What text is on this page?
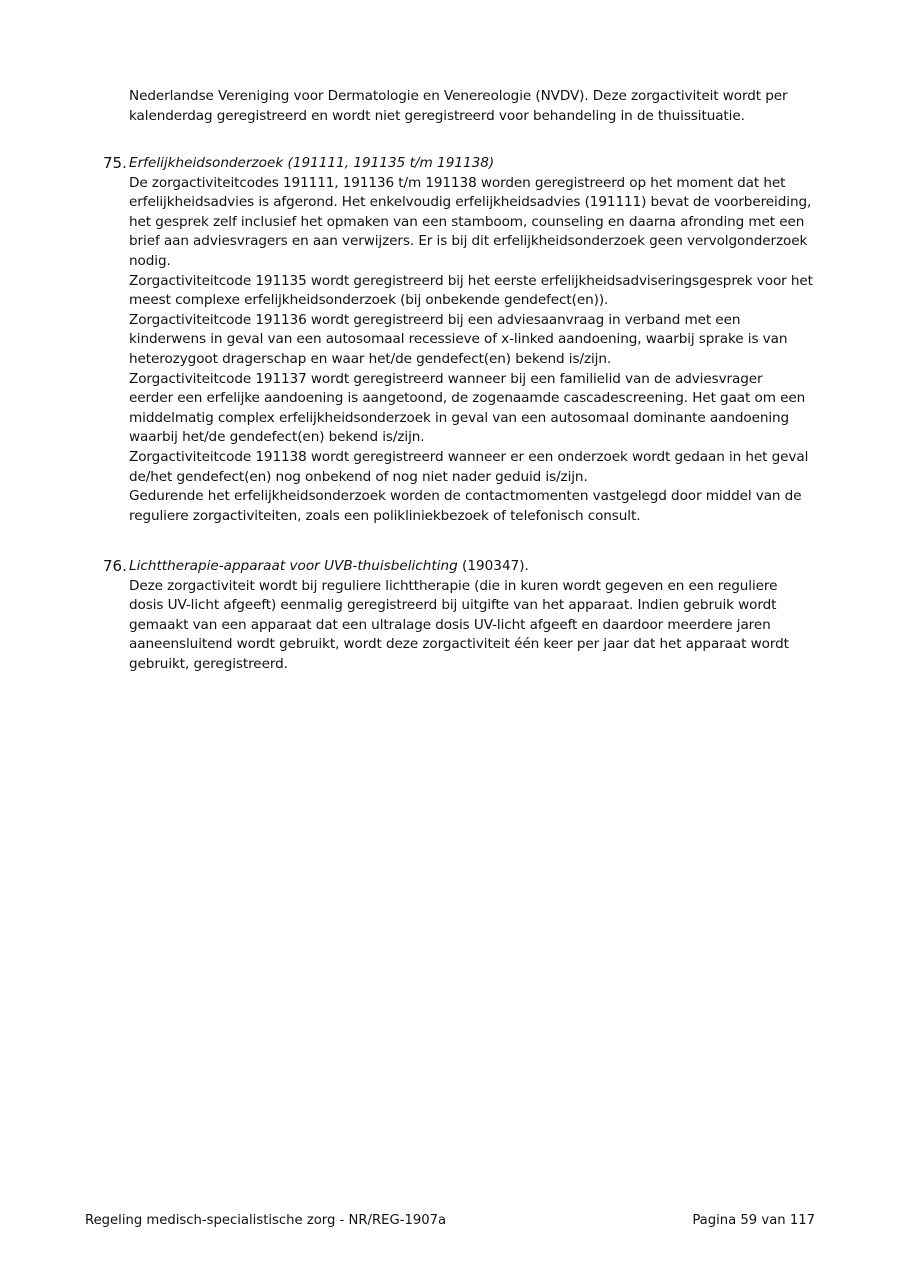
Nederlandse Vereniging voor Dermatologie en Venereologie (NVDV). Deze zorgactiviteit wordt per
kalenderdag geregistreerd en wordt niet geregistreerd voor behandeling in de thuissituatie.
75. Erfelijkheidsonderzoek (191111, 191135 t/m 191138)
De zorgactiviteitcodes 191111, 191136 t/m 191138 worden geregistreerd op het moment dat het
erfelijkheidsadvies is afgerond. Het enkelvoudig erfelijkheidsadvies (191111) bevat de voorbereiding,
het gesprek zelf inclusief het opmaken van een stamboom, counseling en daarna afronding met een
brief aan adviesvragers en aan verwijzers. Er is bij dit erfelijkheidsonderzoek geen vervolgonderzoek
nodig.
Zorgactiviteitcode 191135 wordt geregistreerd bij het eerste erfelijkheidsadviseringsgesprek voor het
meest complexe erfelijkheidsonderzoek (bij onbekende gendefect(en)).
Zorgactiviteitcode 191136 wordt geregistreerd bij een adviesaanvraag in verband met een
kinderwens in geval van een autosomaal recessieve of x-linked aandoening, waarbij sprake is van
heterozygoot dragerschap en waar het/de gendefect(en) bekend is/zijn.
Zorgactiviteitcode 191137 wordt geregistreerd wanneer bij een familielid van de adviesvrager
eerder een erfelijke aandoening is aangetoond, de zogenaamde cascadescreening. Het gaat om een
middelmatig complex erfelijkheidsonderzoek in geval van een autosomaal dominante aandoening
waarbij het/de gendefect(en) bekend is/zijn.
Zorgactiviteitcode 191138 wordt geregistreerd wanneer er een onderzoek wordt gedaan in het geval
de/het gendefect(en) nog onbekend of nog niet nader geduid is/zijn.
Gedurende het erfelijkheidsonderzoek worden de contactmomenten vastgelegd door middel van de
reguliere zorgactiviteiten, zoals een polikliniekbezoek of telefonisch consult.
76. Lichttherapie-apparaat voor UVB-thuisbelichting (190347).
Deze zorgactiviteit wordt bij reguliere lichttherapie (die in kuren wordt gegeven en een reguliere
dosis UV-licht afgeeft) eenmalig geregistreerd bij uitgifte van het apparaat. Indien gebruik wordt
gemaakt van een apparaat dat een ultralage dosis UV-licht afgeeft en daardoor meerdere jaren
aaneensluitend wordt gebruikt, wordt deze zorgactiviteit één keer per jaar dat het apparaat wordt
gebruikt, geregistreerd.
Regeling medisch-specialistische zorg - NR/REG-1907a	Pagina 59 van 117
